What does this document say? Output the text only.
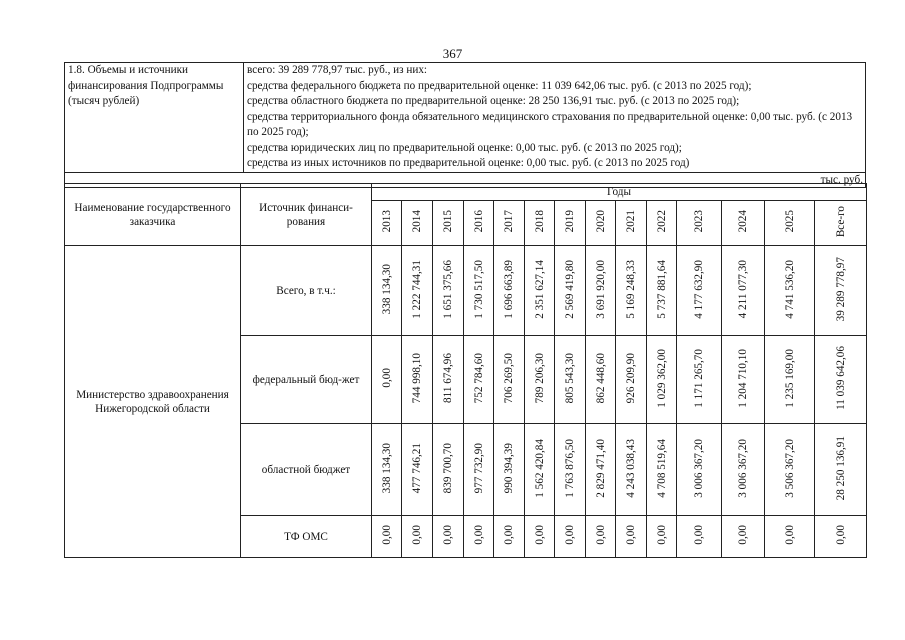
367
1.8. Объемы и источники финансирования Подпрограммы (тысяч рублей)	
всего: 39 289 778,97 тыс. руб., из них:
средства федерального бюджета по предварительной оценке: 11 039 642,06 тыс. руб. (с 2013 по 2025 год);
средства областного бюджета по предварительной оценке: 28 250 136,91 тыс. руб. (с 2013 по 2025 год);
средства территориального фонда обязательного медицинского страхования по предварительной оценке: 0,00 тыс. руб. (с 2013 по 2025 год);
средства юридических лиц по предварительной оценке: 0,00 тыс. руб. (с 2013 по 2025 год);
средства из иных источников по предварительной оценке: 0,00 тыс. руб. (с 2013 по 2025 год)

тыс. руб.
Наименование государственного заказчика	Источник финанси-рования	Годы													
		2013	2014	2015	2016	2017	2018	2019	2020	2021	2022	2023	2024	2025	Все-го
Министерство здравоохранения Нижегородской области	Всего, в т.ч.:	338 134,30	1 222 744,31	1 651 375,66	1 730 517,50	1 696 663,89	2 351 627,14	2 569 419,80	3 691 920,00	5 169 248,33	5 737 881,64	4 177 632,90	4 211 077,30	4 741 536,20	39 289 778,97
	федеральный бюд-жет	0,00	744 998,10	811 674,96	752 784,60	706 269,50	789 206,30	805 543,30	862 448,60	926 209,90	1 029 362,00	1 171 265,70	1 204 710,10	1 235 169,00	11 039 642,06
	областной бюджет	338 134,30	477 746,21	839 700,70	977 732,90	990 394,39	1 562 420,84	1 763 876,50	2 829 471,40	4 243 038,43	4 708 519,64	3 006 367,20	3 006 367,20	3 506 367,20	28 250 136,91
	ТФ ОМС	0,00	0,00	0,00	0,00	0,00	0,00	0,00	0,00	0,00	0,00	0,00	0,00	0,00	0,00
